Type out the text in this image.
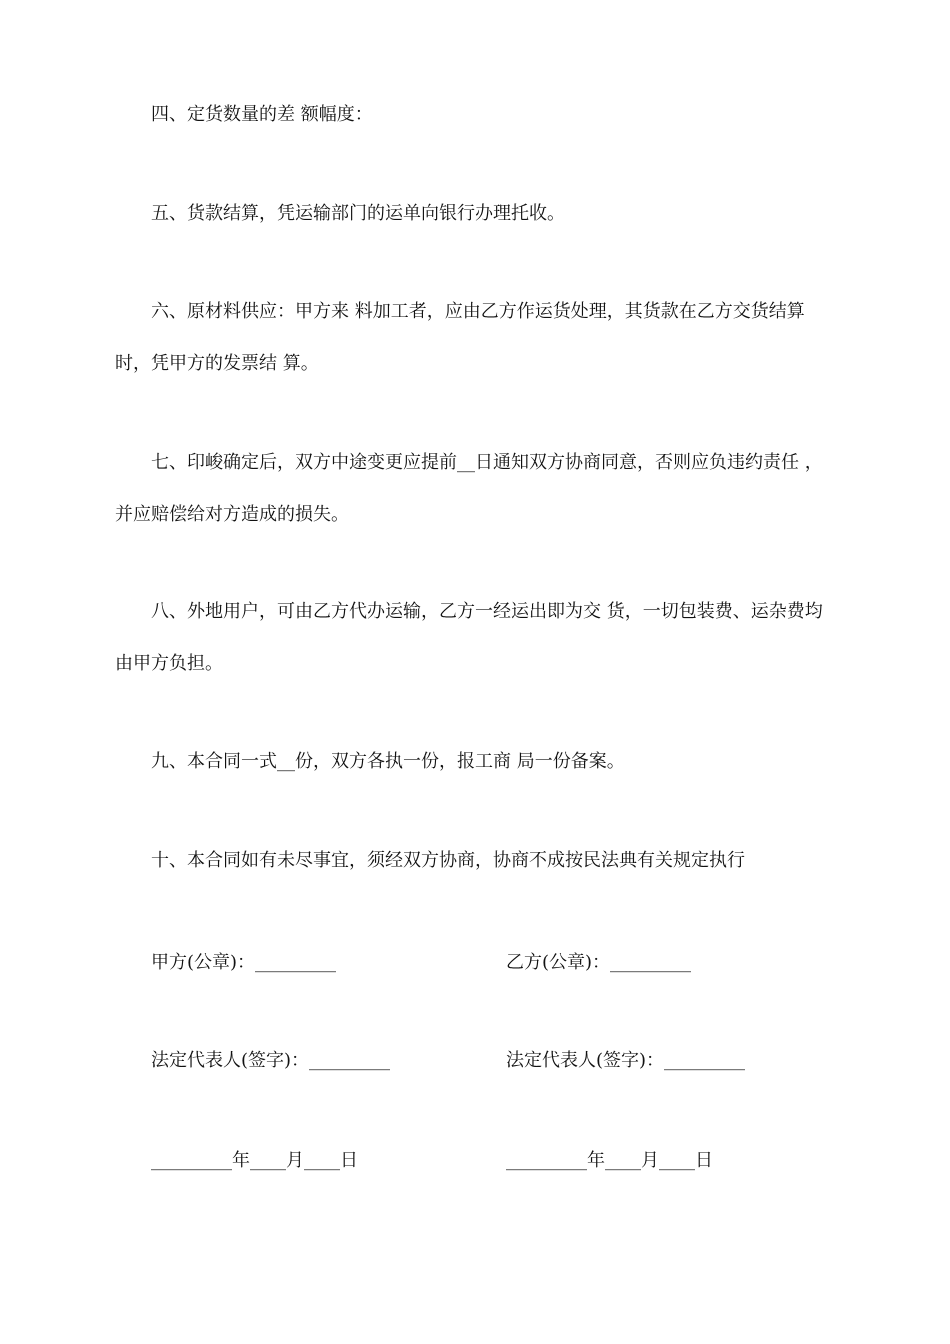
四、定货数量的差 额幅度：

五、货款结算，凭运输部门的运单向银行办理托收。

六、原材料供应：甲方来 料加工者，应由乙方作运货处理，其货款在乙方交货结算时，凭甲方的发票结 算。

七、印峻确定后，双方中途变更应提前__日通知双方协商同意，否则应负违约责任 ，并应赔偿给对方造成的损失。

八、外地用户，可由乙方代办运输，乙方一经运出即为交 货，一切包装费、运杂费均由甲方负担。

九、本合同一式__份，双方各执一份，报工商 局一份备案。

十、本合同如有未尽事宜，须经双方协商，协商不成按民法典有关规定执行

甲方(公章)：_________	乙方(公章)：_________
法定代表人(签字)：_________	法定代表人(签字)：_________
_________年____月____日	_________年____月____日
